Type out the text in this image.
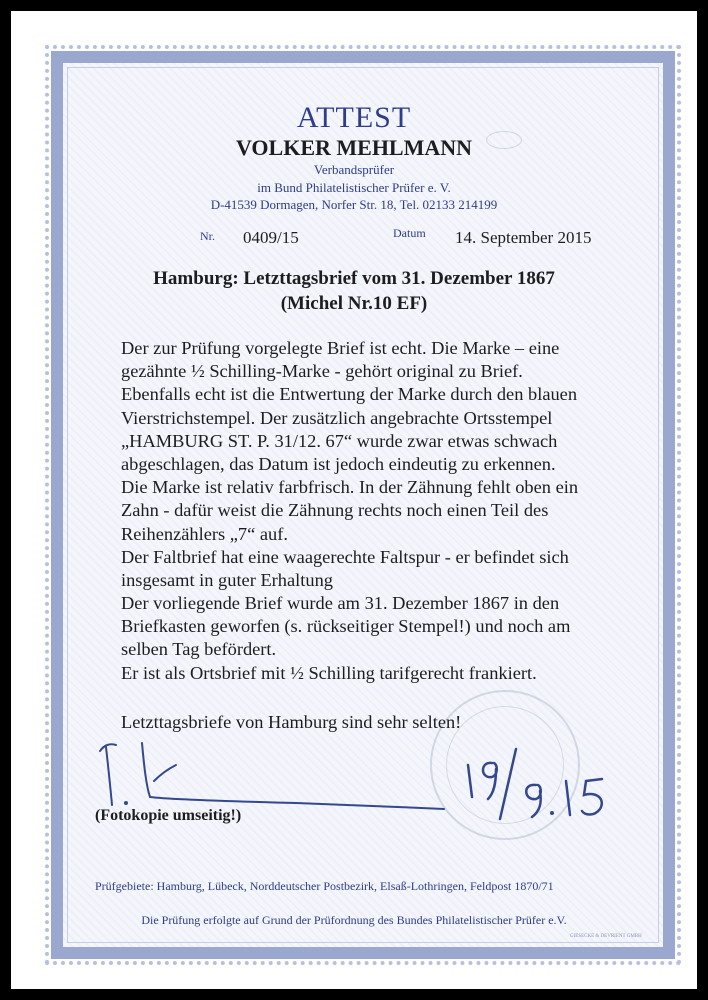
ATTEST
VOLKER MEHLMANN
Verbandsprüfer
im Bund Philatelistischer Prüfer e. V.
D-41539 Dormagen, Norfer Str. 18, Tel. 02133 214199
Nr. 0409/15	Datum 14. September 2015
Hamburg: Letzttagsbrief vom 31. Dezember 1867
(Michel Nr.10 EF)
Der zur Prüfung vorgelegte Brief ist echt. Die Marke – eine
gezähnte ½ Schilling-Marke - gehört original zu Brief.
Ebenfalls echt ist die Entwertung der Marke durch den blauen
Vierstrichstempel. Der zusätzlich angebrachte Ortsstempel
„HAMBURG ST. P. 31/12. 67“ wurde zwar etwas schwach
abgeschlagen, das Datum ist jedoch eindeutig zu erkennen.
Die Marke ist relativ farbfrisch. In der Zähnung fehlt oben ein
Zahn - dafür weist die Zähnung rechts noch einen Teil des
Reihenzählers „7“ auf.
Der Faltbrief hat eine waagerechte Faltspur - er befindet sich
insgesamt in guter Erhaltung
Der vorliegende Brief wurde am 31. Dezember 1867 in den
Briefkasten geworfen (s. rückseitiger Stempel!) und noch am
selben Tag befördert.
Er ist als Ortsbrief mit ½ Schilling tarifgerecht frankiert.
Letzttagsbriefe von Hamburg sind sehr selten!
(Fotokopie umseitig!)
Prüfgebiete: Hamburg, Lübeck, Norddeutscher Postbezirk, Elsaß-Lothringen, Feldpost 1870/71
Die Prüfung erfolgte auf Grund der Prüfordnung des Bundes Philatelistischer Prüfer e.V.
GIESECKE & DEVRIENT GMBH
